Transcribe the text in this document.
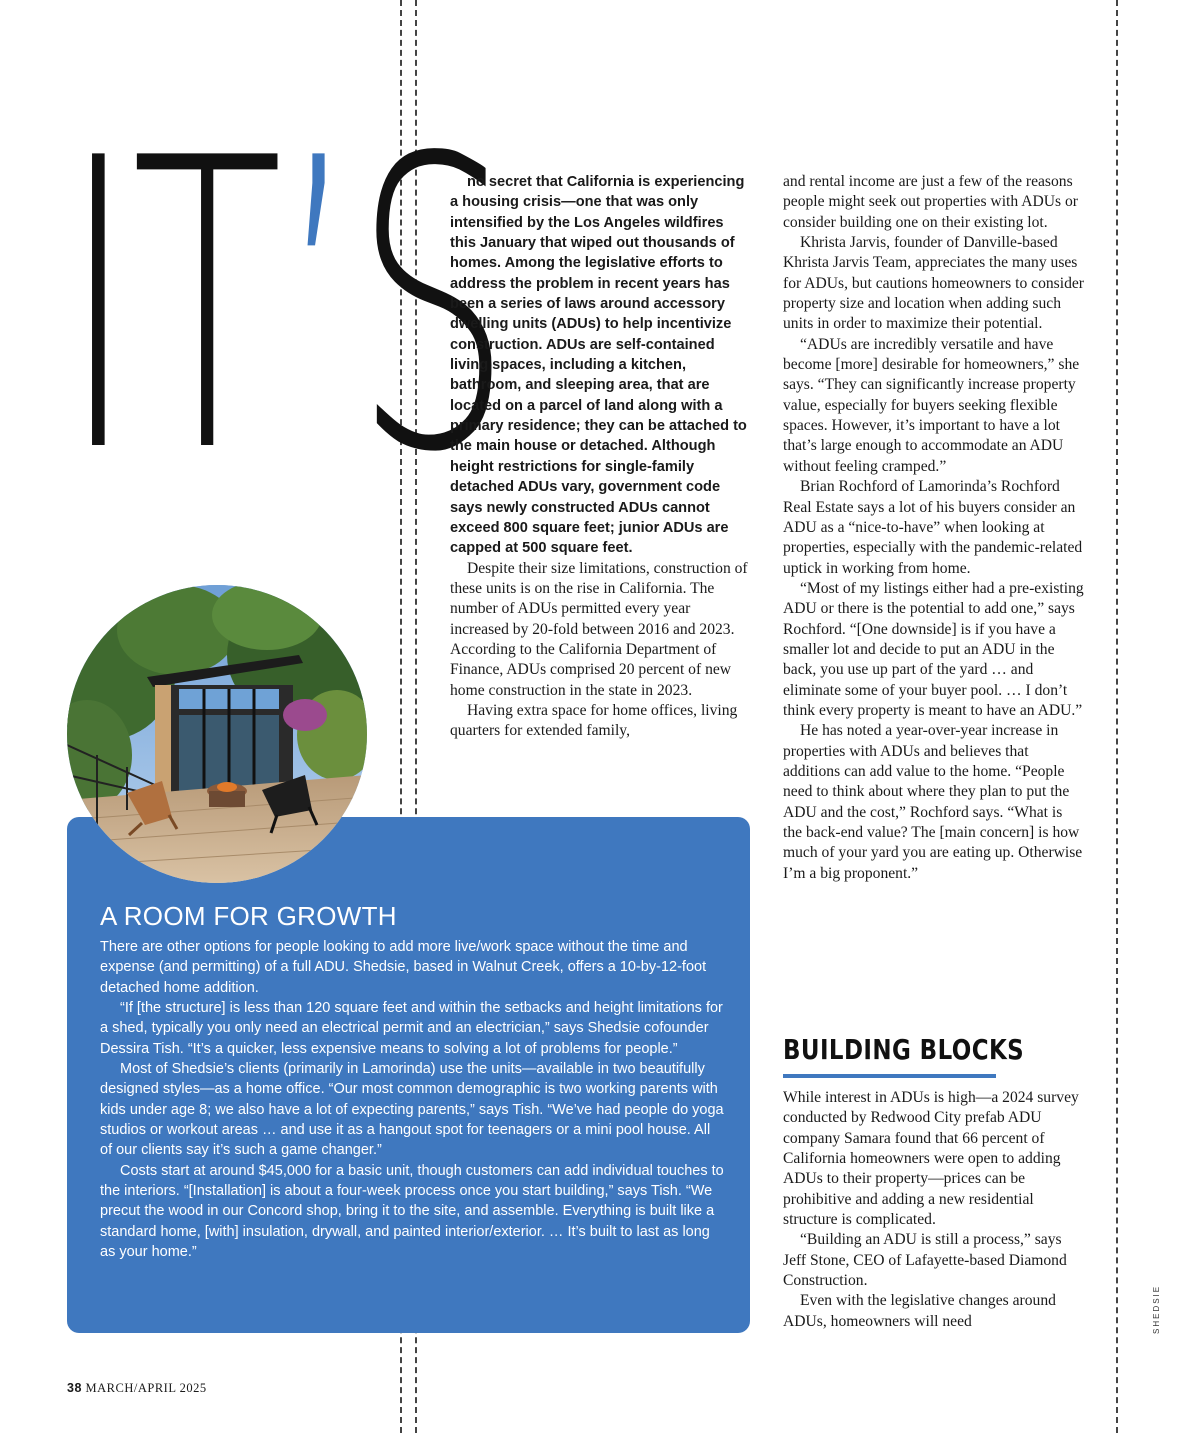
IT’S

no secret that California is experiencing a housing crisis—one that was only intensified by the Los Angeles wildfires this January that wiped out thousands of homes. Among the legislative efforts to address the problem in recent years has been a series of laws around accessory dwelling units (ADUs) to help incentivize construction. ADUs are self-contained living spaces, including a kitchen, bathroom, and sleeping area, that are located on a parcel of land along with a primary residence; they can be attached to the main house or detached. Although height restrictions for single-family detached ADUs vary, government code says newly constructed ADUs cannot exceed 800 square feet; junior ADUs are capped at 500 square feet.

Despite their size limitations, construction of these units is on the rise in California. The number of ADUs permitted every year increased by 20-fold between 2016 and 2023. According to the California Department of Finance, ADUs comprised 20 percent of new home construction in the state in 2023.

Having extra space for home offices, living quarters for extended family,

and rental income are just a few of the reasons people might seek out properties with ADUs or consider building one on their existing lot.

Khrista Jarvis, founder of Danville-based Khrista Jarvis Team, appreciates the many uses for ADUs, but cautions homeowners to consider property size and location when adding such units in order to maximize their potential.

“ADUs are incredibly versatile and have become [more] desirable for homeowners,” she says. “They can significantly increase property value, especially for buyers seeking flexible spaces. However, it’s important to have a lot that’s large enough to accommodate an ADU without feeling cramped.”

Brian Rochford of Lamorinda’s Rochford Real Estate says a lot of his buyers consider an ADU as a “nice-to-have” when looking at properties, especially with the pandemic-related uptick in working from home.

“Most of my listings either had a pre-existing ADU or there is the potential to add one,” says Rochford. “[One downside] is if you have a smaller lot and decide to put an ADU in the back, you use up part of the yard … and eliminate some of your buyer pool. … I don’t think every property is meant to have an ADU.”

He has noted a year-over-year increase in properties with ADUs and believes that additions can add value to the home. “People need to think about where they plan to put the ADU and the cost,” Rochford says. “What is the back-end value? The [main concern] is how much of your yard you are eating up. Otherwise I’m a big proponent.”

BUILDING BLOCKS

While interest in ADUs is high—a 2024 survey conducted by Redwood City prefab ADU company Samara found that 66 percent of California homeowners were open to adding ADUs to their property—prices can be prohibitive and adding a new residential structure is complicated.

“Building an ADU is still a process,” says Jeff Stone, CEO of Lafayette-based Diamond Construction.

Even with the legislative changes around ADUs, homeowners will need

A ROOM FOR GROWTH

There are other options for people looking to add more live/work space without the time and expense (and permitting) of a full ADU. Shedsie, based in Walnut Creek, offers a 10-by-12-foot detached home addition.

“If [the structure] is less than 120 square feet and within the setbacks and height limitations for a shed, typically you only need an electrical permit and an electrician,” says Shedsie cofounder Dessira Tish. “It’s a quicker, less expensive means to solving a lot of problems for people.”

Most of Shedsie’s clients (primarily in Lamorinda) use the units—available in two beautifully designed styles—as a home office. “Our most common demographic is two working parents with kids under age 8; we also have a lot of expecting parents,” says Tish. “We’ve had people do yoga studios or workout areas … and use it as a hangout spot for teenagers or a mini pool house. All of our clients say it’s such a game changer.”

Costs start at around $45,000 for a basic unit, though customers can add individual touches to the interiors. “[Installation] is about a four-week process once you start building,” says Tish. “We precut the wood in our Concord shop, bring it to the site, and assemble. Everything is built like a standard home, [with] insulation, drywall, and painted interior/exterior. … It’s built to last as long as your home.”

38 MARCH/APRIL 2025
SHEDSIE
